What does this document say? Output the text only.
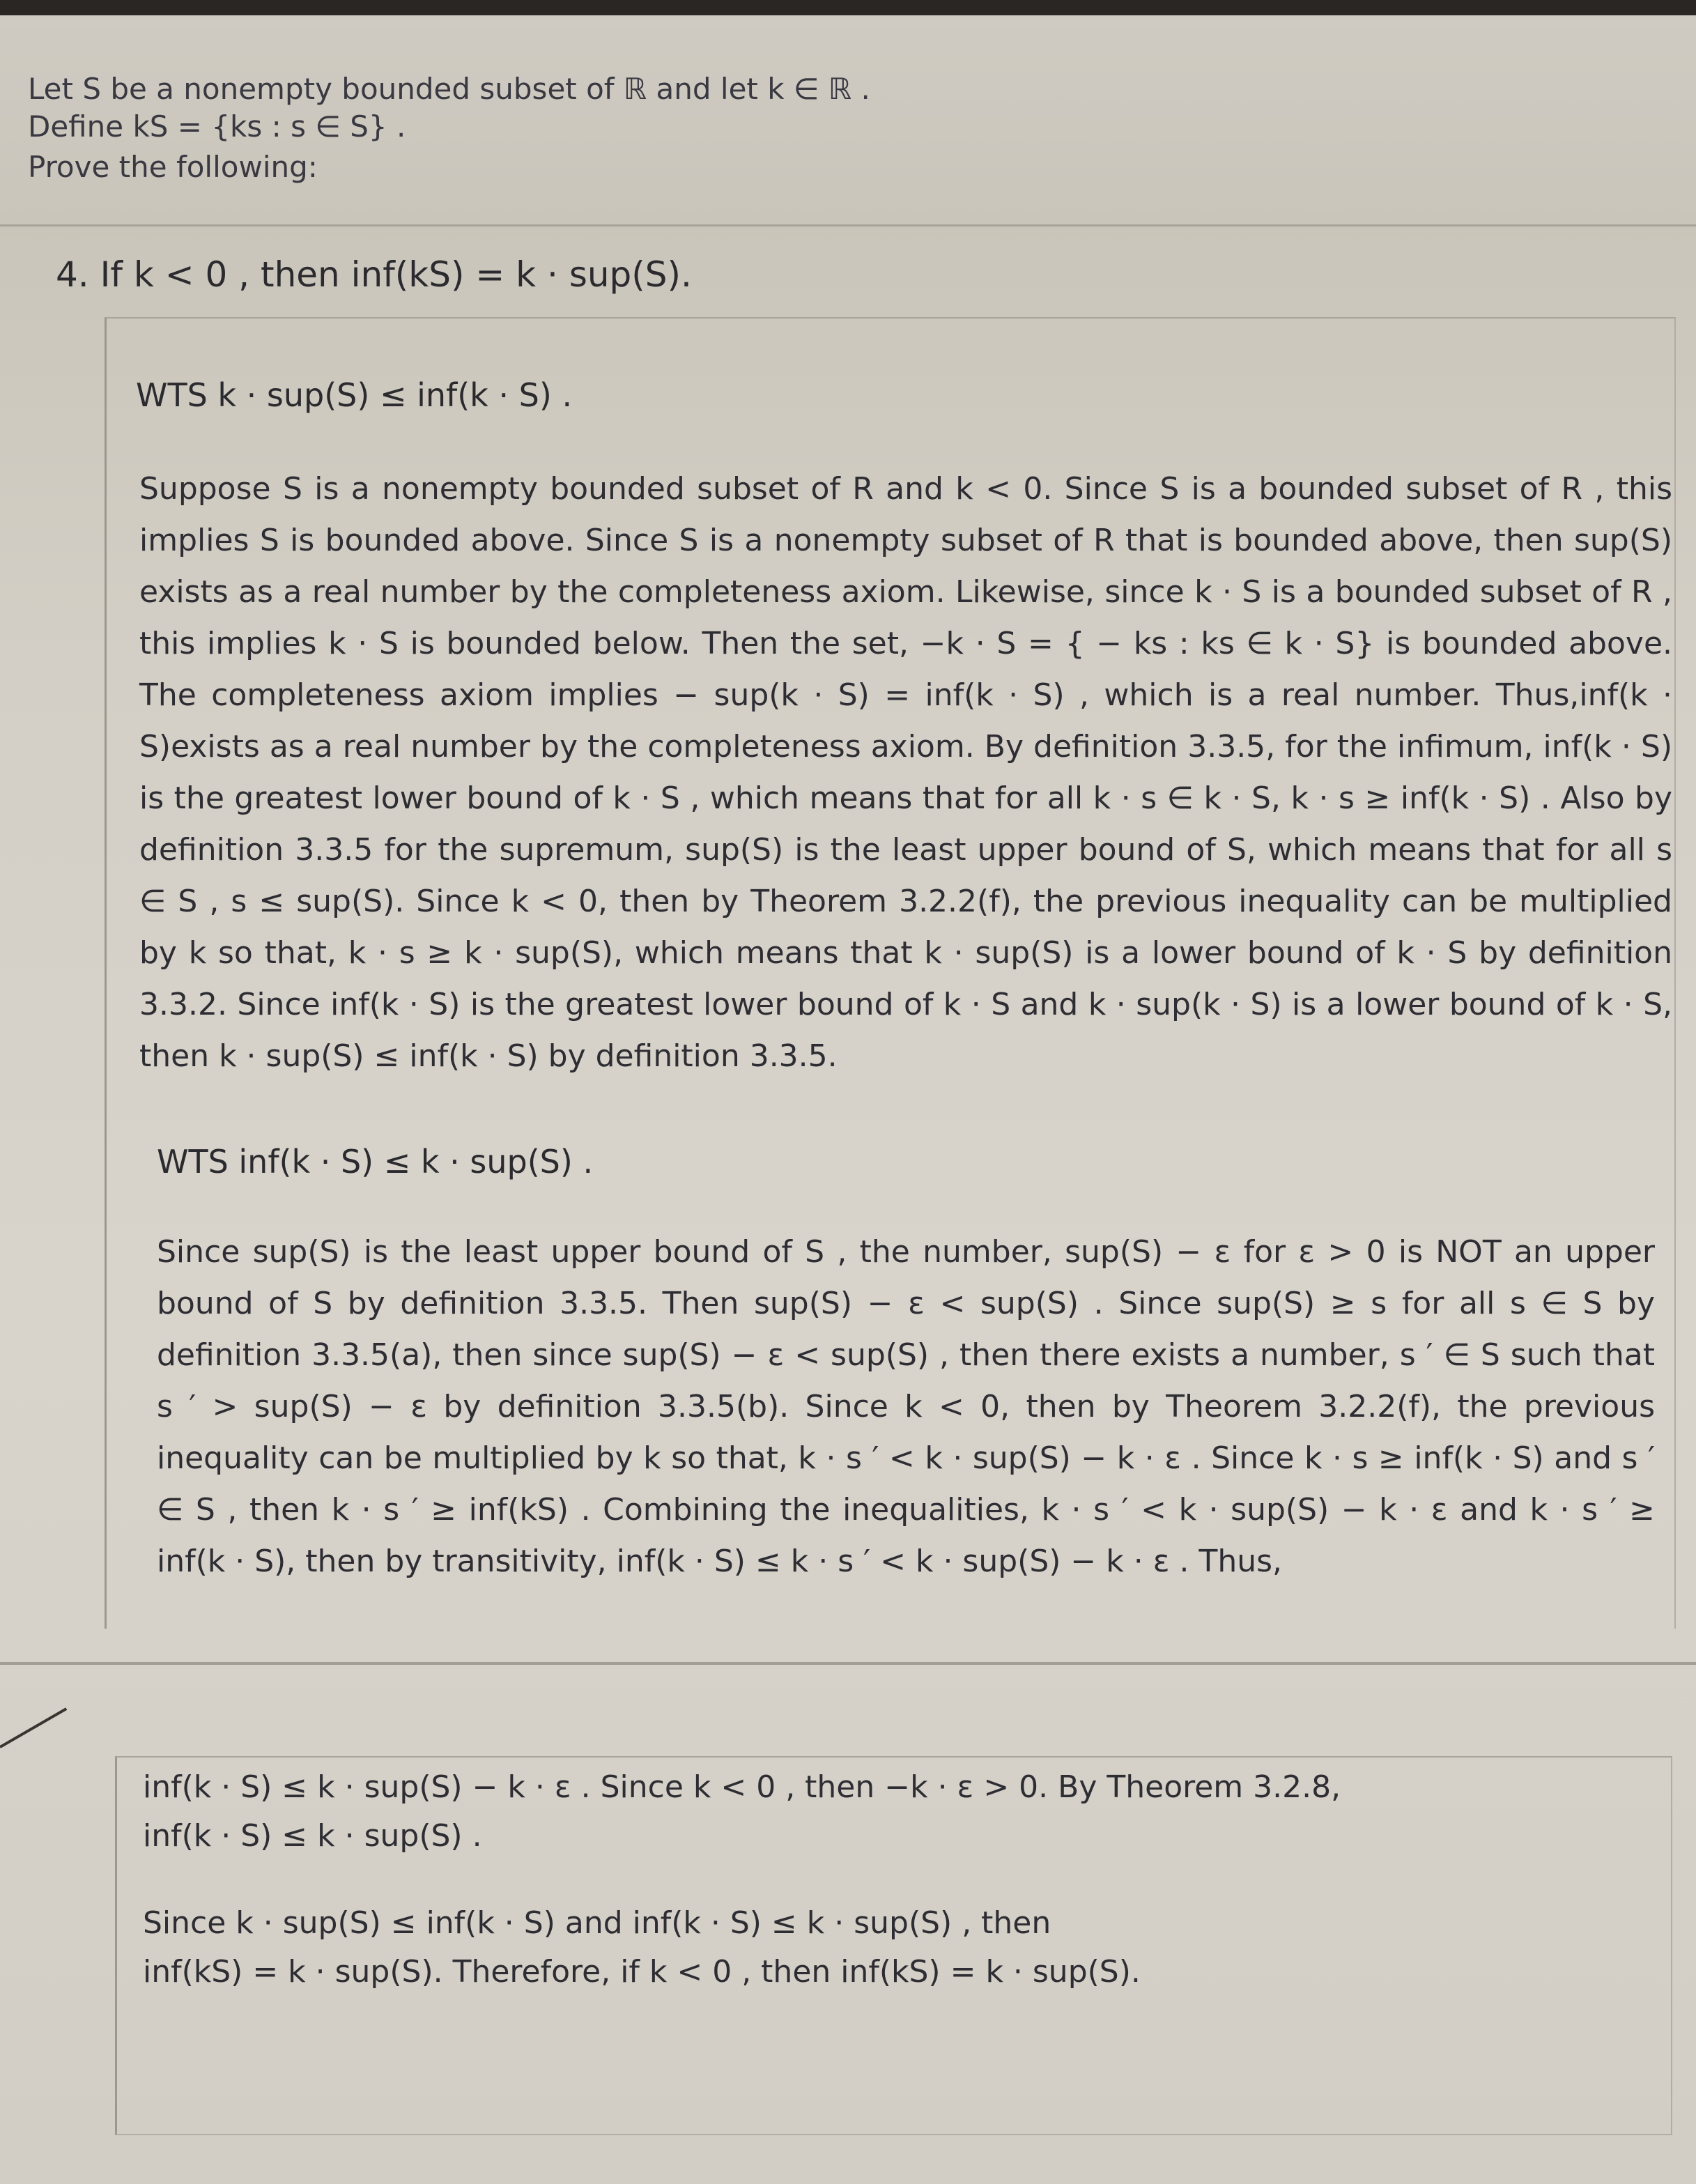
Let S be a nonempty bounded subset of ℝ and let k ∈ ℝ .
Define kS = {ks : s ∈ S} .
Prove the following:
4. If k < 0 , then inf(kS) = k · sup(S).
WTS k · sup(S) ≤ inf(k · S) .
Suppose S is a nonempty bounded subset of R and k < 0. Since S is a bounded subset of R , this implies S is bounded above. Since S is a nonempty subset of R that is bounded above, then sup(S) exists as a real number by the completeness axiom. Likewise, since k · S is a bounded subset of R , this implies k · S is bounded below. Then the set, −k · S = { − ks : ks ∈ k · S} is bounded above. The completeness axiom implies − sup(k · S) = inf(k · S) , which is a real number. Thus,inf(k · S)exists as a real number by the completeness axiom. By definition 3.3.5, for the infimum, inf(k · S) is the greatest lower bound of k · S , which means that for all k · s ∈ k · S, k · s ≥ inf(k · S) . Also by definition 3.3.5 for the supremum, sup(S) is the least upper bound of S, which means that for all s ∈ S , s ≤ sup(S). Since k < 0, then by Theorem 3.2.2(f), the previous inequality can be multiplied by k so that, k · s ≥ k · sup(S), which means that k · sup(S) is a lower bound of k · S by definition 3.3.2. Since inf(k · S) is the greatest lower bound of k · S and k · sup(k · S) is a lower bound of k · S, then k · sup(S) ≤ inf(k · S) by definition 3.3.5.
WTS inf(k · S) ≤ k · sup(S) .
Since sup(S) is the least upper bound of S , the number, sup(S) − ε for ε > 0 is NOT an upper bound of S by definition 3.3.5. Then sup(S) − ε < sup(S) . Since sup(S) ≥ s for all s ∈ S by definition 3.3.5(a), then since sup(S) − ε < sup(S) , then there exists a number, s ′ ∈ S such that s ′ > sup(S) − ε by definition 3.3.5(b). Since k < 0, then by Theorem 3.2.2(f), the previous inequality can be multiplied by k so that, k · s ′ < k · sup(S) − k · ε . Since k · s ≥ inf(k · S) and s ′ ∈ S , then k · s ′ ≥ inf(kS) . Combining the inequalities, k · s ′ < k · sup(S) − k · ε and k · s ′ ≥ inf(k · S), then by transitivity, inf(k · S) ≤ k · s ′ < k · sup(S) − k · ε . Thus,
inf(k · S) ≤ k · sup(S) − k · ε . Since k < 0 , then −k · ε > 0. By Theorem 3.2.8,
inf(k · S) ≤ k · sup(S) .
Since k · sup(S) ≤ inf(k · S) and inf(k · S) ≤ k · sup(S) , then
inf(kS) = k · sup(S). Therefore, if k < 0 , then inf(kS) = k · sup(S).
